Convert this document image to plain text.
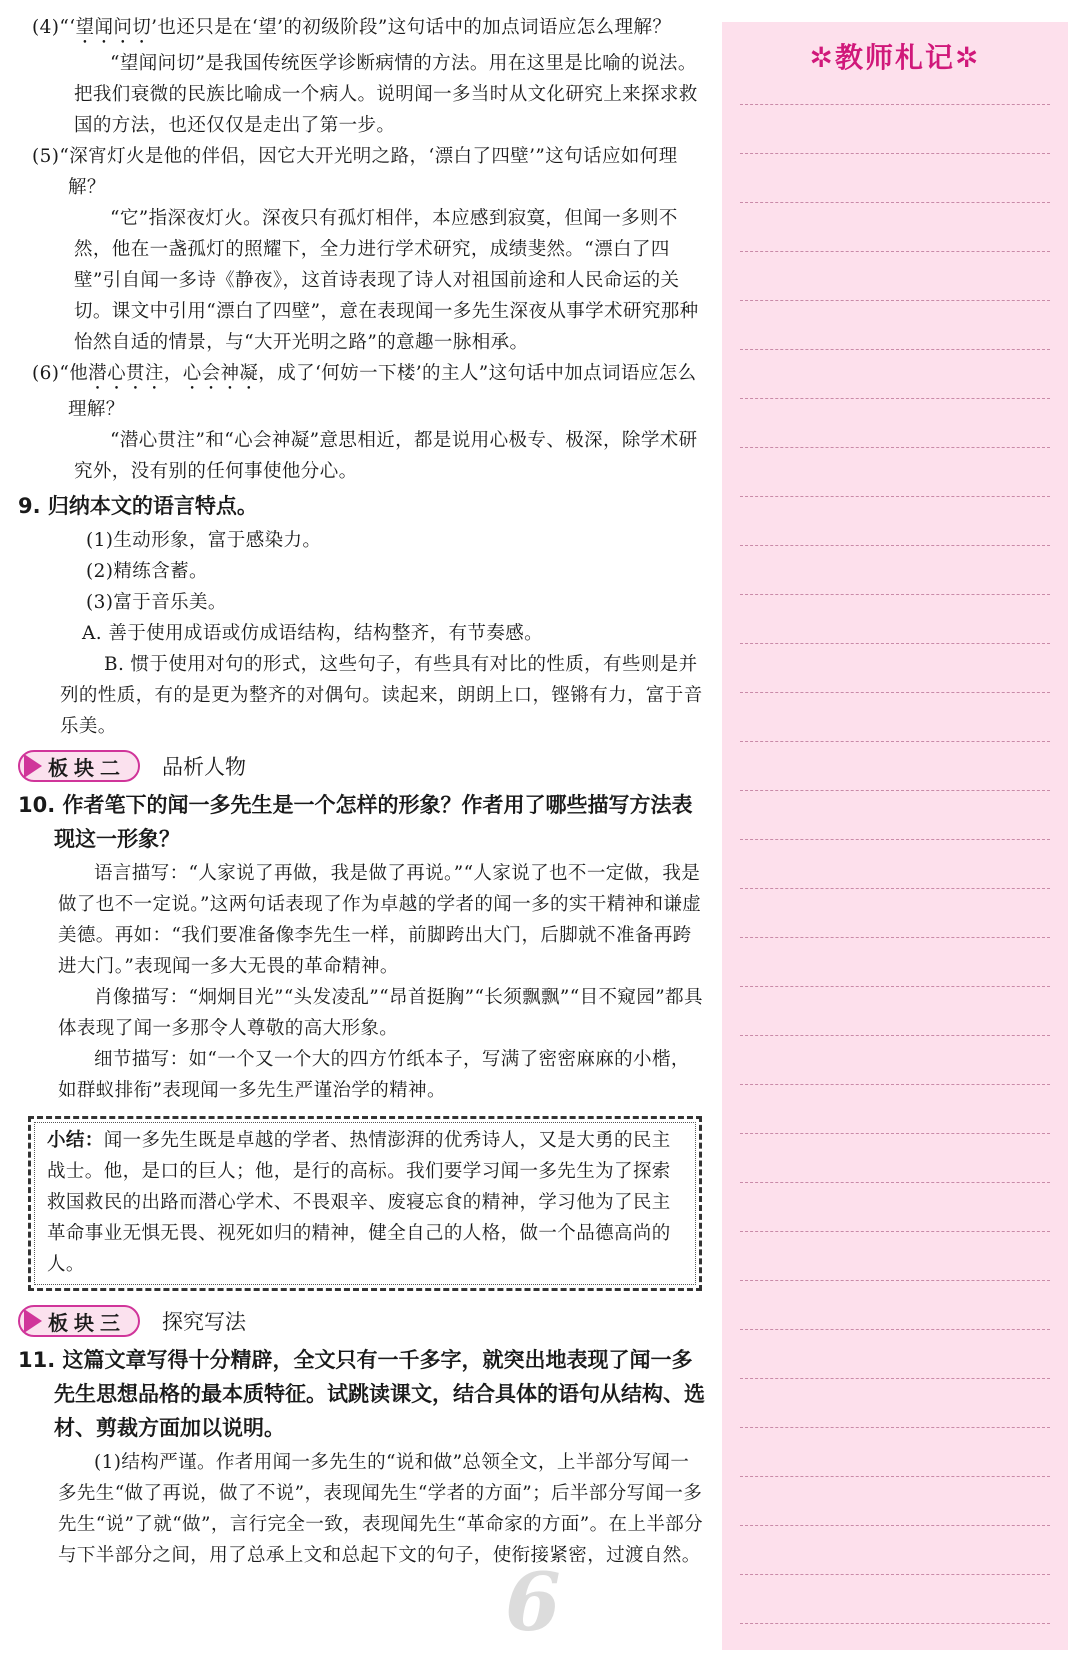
(4)“‘望闻问切’也还只是在‘望’的初级阶段”这句话中的加点词语应怎么理解？

“望闻问切”是我国传统医学诊断病情的方法。用在这里是比喻的说法。把我们衰微的民族比喻成一个病人。说明闻一多当时从文化研究上来探求救国的方法，也还仅仅是走出了第一步。

(5)“深宵灯火是他的伴侣，因它大开光明之路，‘漂白了四壁’”这句话应如何理解？

“它”指深夜灯火。深夜只有孤灯相伴，本应感到寂寞，但闻一多则不然，他在一盏孤灯的照耀下，全力进行学术研究，成绩斐然。“漂白了四壁”引自闻一多诗《静夜》，这首诗表现了诗人对祖国前途和人民命运的关切。课文中引用“漂白了四壁”，意在表现闻一多先生深夜从事学术研究那种怡然自适的情景，与“大开光明之路”的意趣一脉相承。

(6)“他潜心贯注，心会神凝，成了‘何妨一下楼’的主人”这句话中加点词语应怎么理解？

“潜心贯注”和“心会神凝”意思相近，都是说用心极专、极深，除学术研究外，没有别的任何事使他分心。

9. 归纳本文的语言特点。

(1)生动形象，富于感染力。

(2)精练含蓄。

(3)富于音乐美。

A. 善于使用成语或仿成语结构，结构整齐，有节奏感。

B. 惯于使用对句的形式，这些句子，有些具有对比的性质，有些则是并列的性质，有的是更为整齐的对偶句。读起来，朗朗上口，铿锵有力，富于音乐美。

板块二 品析人物

10. 作者笔下的闻一多先生是一个怎样的形象？作者用了哪些描写方法表现这一形象？

语言描写：“人家说了再做，我是做了再说。”“人家说了也不一定做，我是做了也不一定说。”这两句话表现了作为卓越的学者的闻一多的实干精神和谦虚美德。再如：“我们要准备像李先生一样，前脚跨出大门，后脚就不准备再跨进大门。”表现闻一多大无畏的革命精神。

肖像描写：“炯炯目光”“头发凌乱”“昂首挺胸”“长须飘飘”“目不窥园”都具体表现了闻一多那令人尊敬的高大形象。

细节描写：如“一个又一个大的四方竹纸本子，写满了密密麻麻的小楷，如群蚁排衔”表现闻一多先生严谨治学的精神。

小结：闻一多先生既是卓越的学者、热情澎湃的优秀诗人，又是大勇的民主战士。他，是口的巨人；他，是行的高标。我们要学习闻一多先生为了探索救国救民的出路而潜心学术、不畏艰辛、废寝忘食的精神，学习他为了民主革命事业无惧无畏、视死如归的精神，健全自己的人格，做一个品德高尚的人。
板块三 探究写法

11. 这篇文章写得十分精辟，全文只有一千多字，就突出地表现了闻一多先生思想品格的最本质特征。试跳读课文，结合具体的语句从结构、选材、剪裁方面加以说明。

(1)结构严谨。作者用闻一多先生的“说和做”总领全文，上半部分写闻一多先生“做了再说，做了不说”，表现闻先生“学者的方面”；后半部分写闻一多先生“说”了就“做”，言行完全一致，表现闻先生“革命家的方面”。在上半部分与下半部分之间，用了总承上文和总起下文的句子，使衔接紧密，过渡自然。

6
✲教师札记✲
